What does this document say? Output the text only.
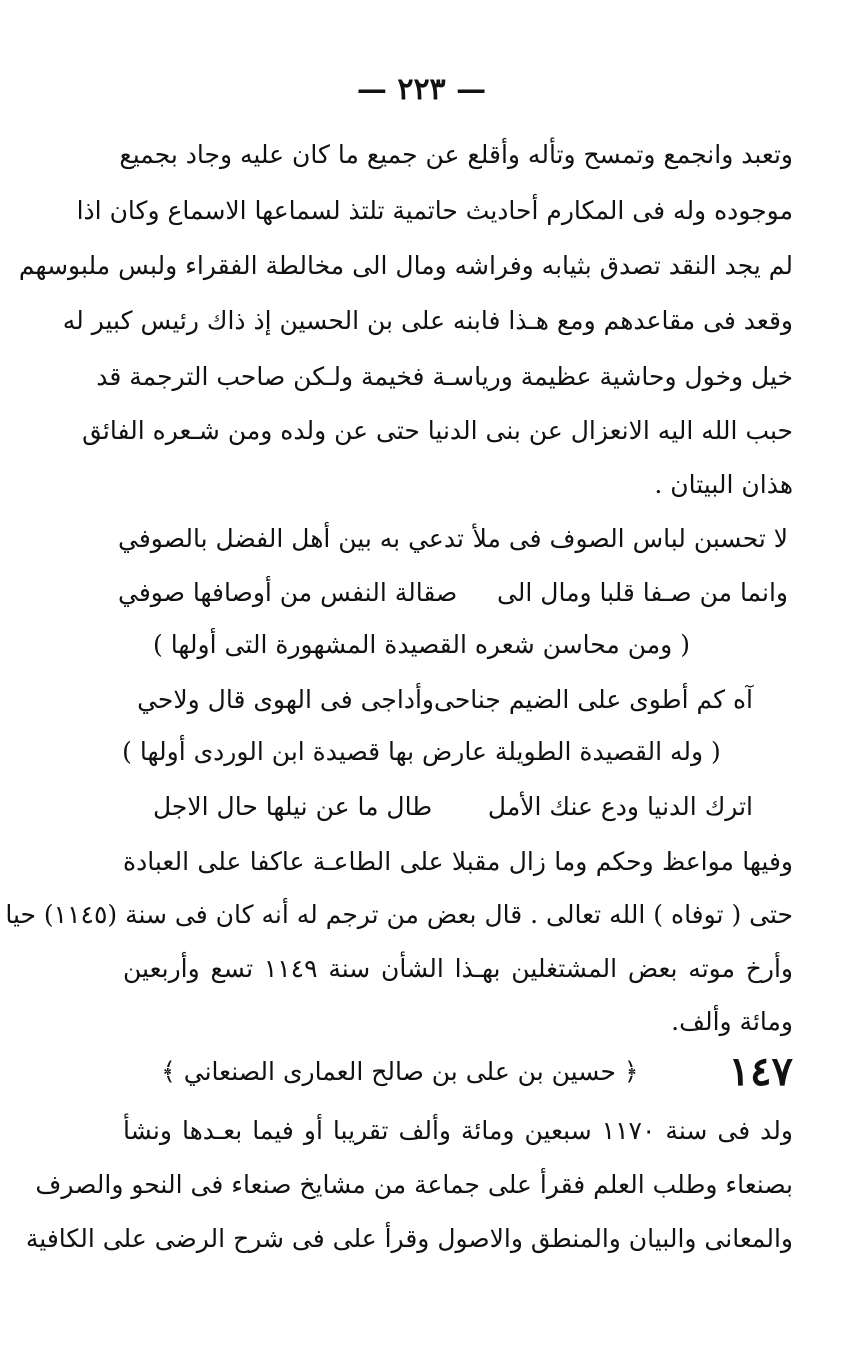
— ٢٢٣ —
وتعبد وانجمع وتمسح وتأله وأقلع عن جميع ما كان عليه وجاد بجميع
موجوده وله فى المكارم أحاديث حاتمية تلتذ لسماعها الاسماع وكان اذا
لم يجد النقد تصدق بثيابه وفراشه ومال الى مخالطة الفقراء ولبس ملبوسهم
وقعد فى مقاعدهم ومع هـذا فابنه على بن الحسين إذ ذاك رئيس كبير له
خيل وخول وحاشية عظيمة ورياسـة فخيمة ولـكن صاحب الترجمة قد
حبب الله اليه الانعزال عن بنى الدنيا حتى عن ولده ومن شـعره الفائق
هذان البيتان .
لا تحسبن لباس الصوف فى ملأ
تدعي به بين أهل الفضل بالصوفي
وانما من صـفا قلبا ومال الى
صقالة النفس من أوصافها صوفي
( ومن محاسن شعره القصيدة المشهورة التى أولها )
آه كم أطوى على الضيم جناحى
وأداجى فى الهوى قال ولاحي
( وله القصيدة الطويلة عارض بها قصيدة ابن الوردى أولها )
اترك الدنيا ودع عنك الأمل
طال ما عن نيلها حال الاجل
وفيها مواعظ وحكم وما زال مقبلا على الطاعـة عاكفا على العبادة
حتى ( توفاه ) الله تعالى . قال بعض من ترجم له أنه كان فى سنة (١١٤٥) حيا
وأرخ موته بعض المشتغلين بهـذا الشأن سنة ١١٤٩ تسع وأربعين
ومائة وألف.
١٤٧
﴿ حسين بن على بن صالح العمارى الصنعاني ﴾
ولد فى سنة ١١٧٠ سبعين ومائة وألف تقريبا أو فيما بعـدها ونشأ
بصنعاء وطلب العلم فقرأ على جماعة من مشايخ صنعاء فى النحو والصرف
والمعانى والبيان والمنطق والاصول وقرأ على فى شرح الرضى على الكافية
